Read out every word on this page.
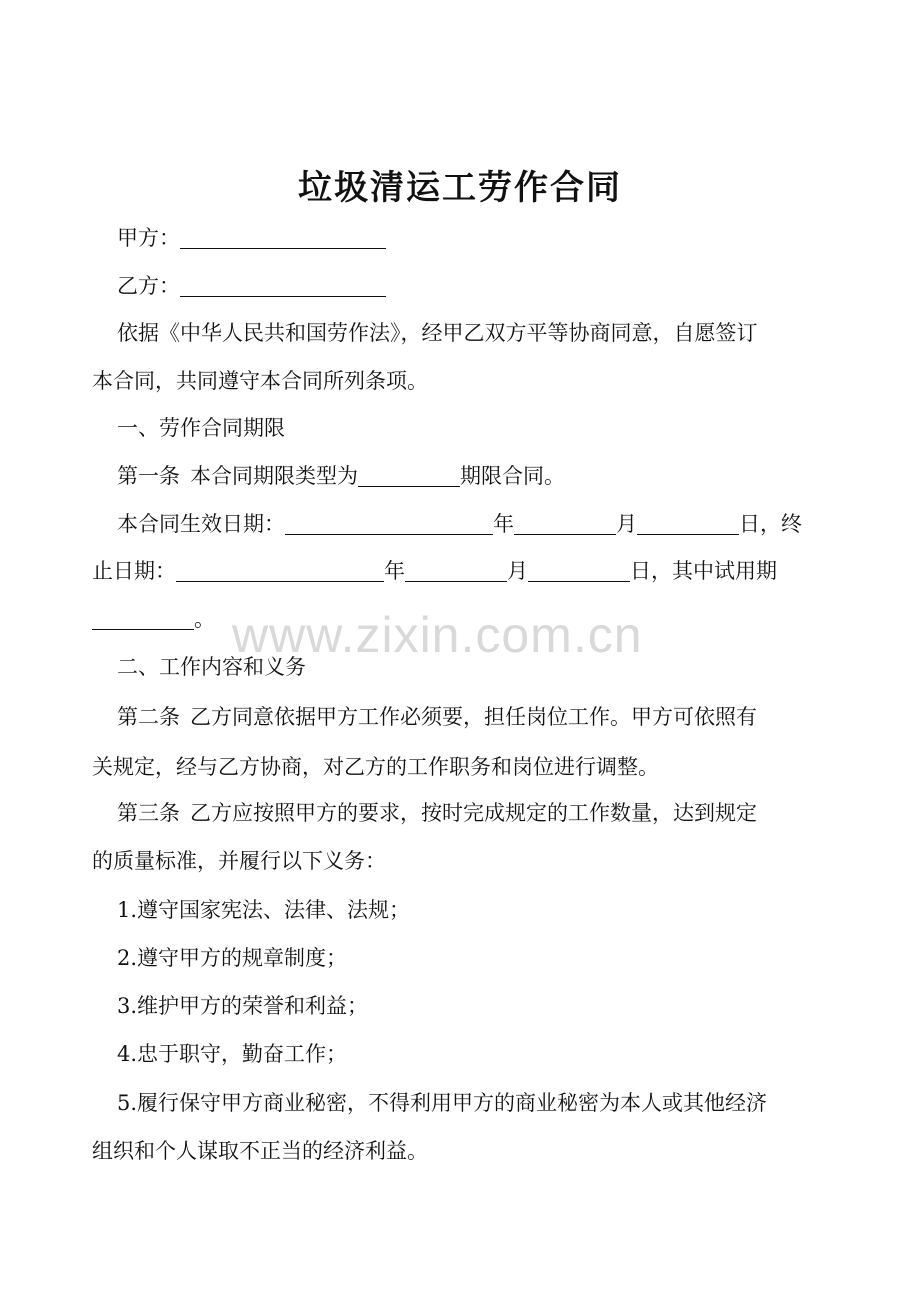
垃圾清运工劳作合同
甲方：
乙方：
依据《中华人民共和国劳作法》，经甲乙双方平等协商同意，自愿签订
本合同，共同遵守本合同所列条项。
一、劳作合同期限
第一条 本合同期限类型为	期限合同。
本合同生效日期：	年	月	日，终
止日期：	年	月	日，其中试用期
。
二、工作内容和义务
第二条 乙方同意依据甲方工作必须要，担任岗位工作。甲方可依照有
关规定，经与乙方协商，对乙方的工作职务和岗位进行调整。
第三条 乙方应按照甲方的要求，按时完成规定的工作数量，达到规定
的质量标准，并履行以下义务：
1.遵守国家宪法、法律、法规；
2.遵守甲方的规章制度；
3.维护甲方的荣誉和利益；
4.忠于职守，勤奋工作；
5.履行保守甲方商业秘密，不得利用甲方的商业秘密为本人或其他经济
组织和个人谋取不正当的经济利益。
www.zixin.com.cn
